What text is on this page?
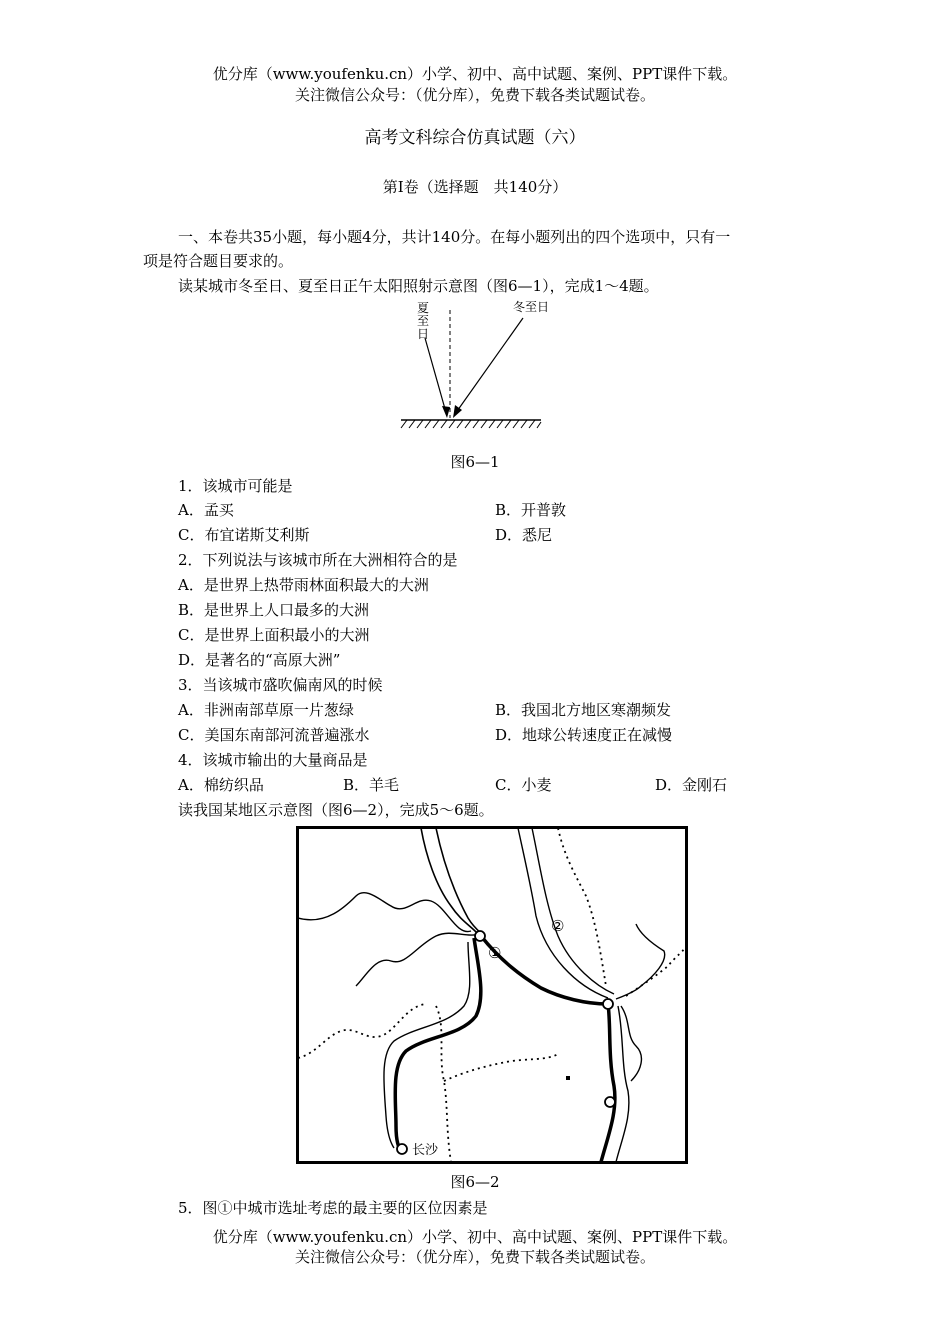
优分库（www.youfenku.cn）小学、初中、高中试题、案例、PPT课件下载。
关注微信公众号：（优分库），免费下载各类试题试卷。
高考文科综合仿真试题（六）
第Ⅰ卷（选择题　共140分）
一、本卷共35小题，每小题4分，共计140分。在每小题列出的四个选项中，只有一
项是符合题目要求的。
读某城市冬至日、夏至日正午太阳照射示意图（图6—1），完成1～4题。
夏
至
日
冬至日
图6—1
1．该城市可能是
A．孟买	B．开普敦
C．布宜诺斯艾利斯	D．悉尼
2．下列说法与该城市所在大洲相符合的是
A．是世界上热带雨林面积最大的大洲
B．是世界上人口最多的大洲
C．是世界上面积最小的大洲
D．是著名的“高原大洲”
3．当该城市盛吹偏南风的时候
A．非洲南部草原一片葱绿	B．我国北方地区寒潮频发
C．美国东南部河流普遍涨水	D．地球公转速度正在减慢
4．该城市输出的大量商品是
A．棉纺织品	B．羊毛	C．小麦	D．金刚石
读我国某地区示意图（图6—2），完成5～6题。
①
②
长沙
图6—2
5．图①中城市选址考虑的最主要的区位因素是
优分库（www.youfenku.cn）小学、初中、高中试题、案例、PPT课件下载。
关注微信公众号：（优分库），免费下载各类试题试卷。
